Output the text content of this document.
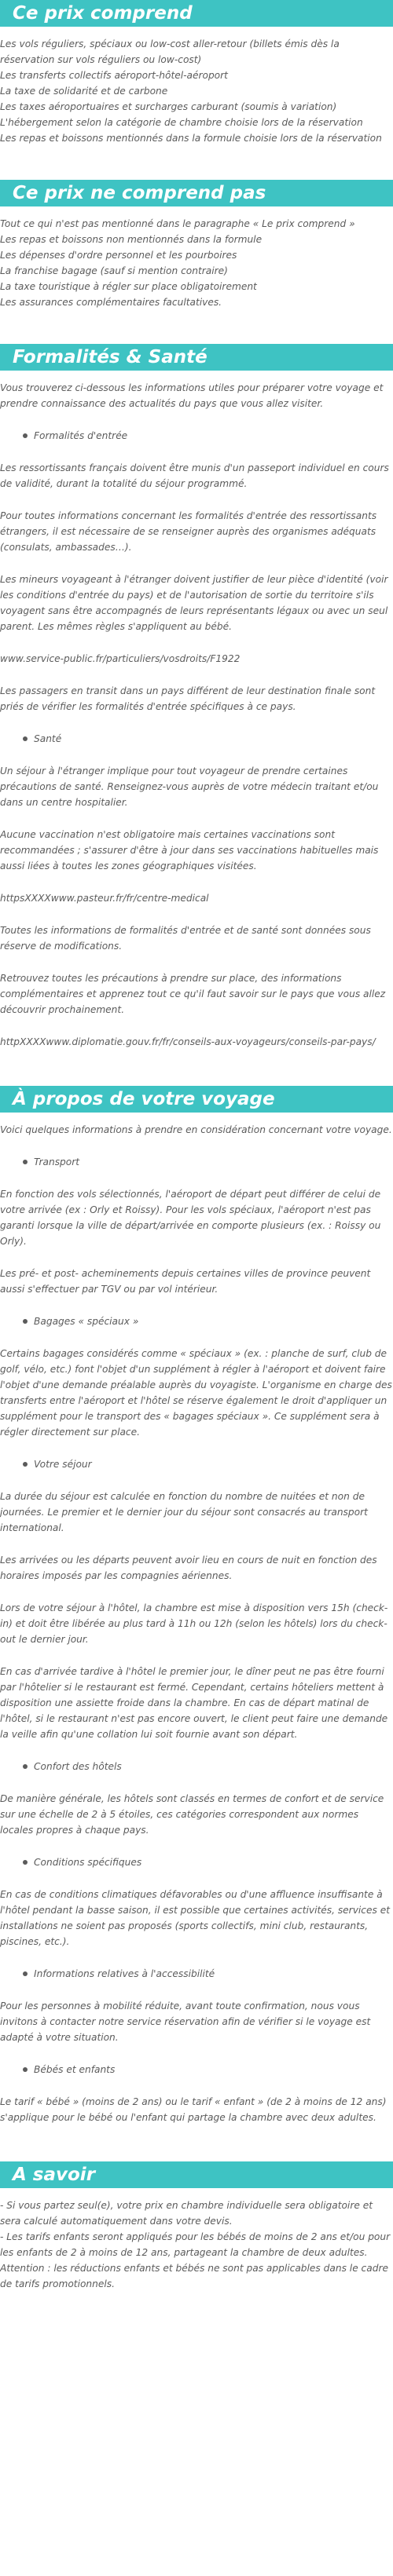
Ce prix comprend
Les vols réguliers, spéciaux ou low-cost aller-retour (billets émis dès la
réservation sur vols réguliers ou low-cost)
Les transferts collectifs aéroport-hôtel-aéroport
La taxe de solidarité et de carbone
Les taxes aéroportuaires et surcharges carburant (soumis à variation)
L'hébergement selon la catégorie de chambre choisie lors de la réservation
Les repas et boissons mentionnés dans la formule choisie lors de la réservation
Ce prix ne comprend pas
Tout ce qui n'est pas mentionné dans le paragraphe « Le prix comprend »
Les repas et boissons non mentionnés dans la formule
Les dépenses d'ordre personnel et les pourboires
La franchise bagage (sauf si mention contraire)
La taxe touristique à régler sur place obligatoirement
Les assurances complémentaires facultatives.
Formalités & Santé

Vous trouverez ci-dessous les informations utiles pour préparer votre voyage et prendre connaissance des actualités du pays que vous allez visiter.

Formalités d'entrée

Les ressortissants français doivent être munis d'un passeport individuel en cours de validité, durant la totalité du séjour programmé.

Pour toutes informations concernant les formalités d'entrée des ressortissants étrangers, il est nécessaire de se renseigner auprès des organismes adéquats (consulats, ambassades…).

Les mineurs voyageant à l'étranger doivent justifier de leur pièce d'identité (voir les conditions d'entrée du pays) et de l'autorisation de sortie du territoire s'ils voyagent sans être accompagnés de leurs représentants légaux ou avec un seul parent. Les mêmes règles s'appliquent au bébé.

www.service-public.fr/particuliers/vosdroits/F1922

Les passagers en transit dans un pays différent de leur destination finale sont priés de vérifier les formalités d'entrée spécifiques à ce pays.

Santé

Un séjour à l'étranger implique pour tout voyageur de prendre certaines précautions de santé. Renseignez-vous auprès de votre médecin traitant et/ou dans un centre hospitalier.

Aucune vaccination n'est obligatoire mais certaines vaccinations sont recommandées ; s'assurer d'être à jour dans ses vaccinations habituelles mais aussi liées à toutes les zones géographiques visitées.

httpsXXXXwww.pasteur.fr/fr/centre-medical

Toutes les informations de formalités d'entrée et de santé sont données sous réserve de modifications.

Retrouvez toutes les précautions à prendre sur place, des informations complémentaires et apprenez tout ce qu'il faut savoir sur le pays que vous allez découvrir prochainement.

httpXXXXwww.diplomatie.gouv.fr/fr/conseils-aux-voyageurs/conseils-par-pays/

À propos de votre voyage

Voici quelques informations à prendre en considération concernant votre voyage.

Transport

En fonction des vols sélectionnés, l'aéroport de départ peut différer de celui de votre arrivée (ex : Orly et Roissy). Pour les vols spéciaux, l'aéroport n'est pas garanti lorsque la ville de départ/arrivée en comporte plusieurs (ex. : Roissy ou Orly).

Les pré- et post- acheminements depuis certaines villes de province peuvent aussi s'effectuer par TGV ou par vol intérieur.

Bagages « spéciaux »

Certains bagages considérés comme « spéciaux » (ex. : planche de surf, club de golf, vélo, etc.) font l'objet d'un supplément à régler à l'aéroport et doivent faire l'objet d'une demande préalable auprès du voyagiste. L'organisme en charge des transferts entre l'aéroport et l'hôtel se réserve également le droit d'appliquer un supplément pour le transport des « bagages spéciaux ». Ce supplément sera à régler directement sur place.

Votre séjour

La durée du séjour est calculée en fonction du nombre de nuitées et non de journées. Le premier et le dernier jour du séjour sont consacrés au transport international.

Les arrivées ou les départs peuvent avoir lieu en cours de nuit en fonction des horaires imposés par les compagnies aériennes.

Lors de votre séjour à l'hôtel, la chambre est mise à disposition vers 15h (check-in) et doit être libérée au plus tard à 11h ou 12h (selon les hôtels) lors du check-out le dernier jour.

En cas d'arrivée tardive à l'hôtel le premier jour, le dîner peut ne pas être fourni par l'hôtelier si le restaurant est fermé. Cependant, certains hôteliers mettent à disposition une assiette froide dans la chambre. En cas de départ matinal de l'hôtel, si le restaurant n'est pas encore ouvert, le client peut faire une demande la veille afin qu'une collation lui soit fournie avant son départ.

Confort des hôtels

De manière générale, les hôtels sont classés en termes de confort et de service sur une échelle de 2 à 5 étoiles, ces catégories correspondent aux normes locales propres à chaque pays.

Conditions spécifiques

En cas de conditions climatiques défavorables ou d'une affluence insuffisante à l'hôtel pendant la basse saison, il est possible que certaines activités, services et installations ne soient pas proposés (sports collectifs, mini club, restaurants, piscines, etc.).

Informations relatives à l'accessibilité

Pour les personnes à mobilité réduite, avant toute confirmation, nous vous invitons à contacter notre service réservation afin de vérifier si le voyage est adapté à votre situation.

Bébés et enfants

Le tarif « bébé » (moins de 2 ans) ou le tarif « enfant » (de 2 à moins de 12 ans) s'applique pour le bébé ou l'enfant qui partage la chambre avec deux adultes.

A savoir
- Si vous partez seul(e), votre prix en chambre individuelle sera obligatoire et
sera calculé automatiquement dans votre devis.
- Les tarifs enfants seront appliqués pour les bébés de moins de 2 ans et/ou pour
les enfants de 2 à moins de 12 ans, partageant la chambre de deux adultes.
Attention : les réductions enfants et bébés ne sont pas applicables dans le cadre
de tarifs promotionnels.
